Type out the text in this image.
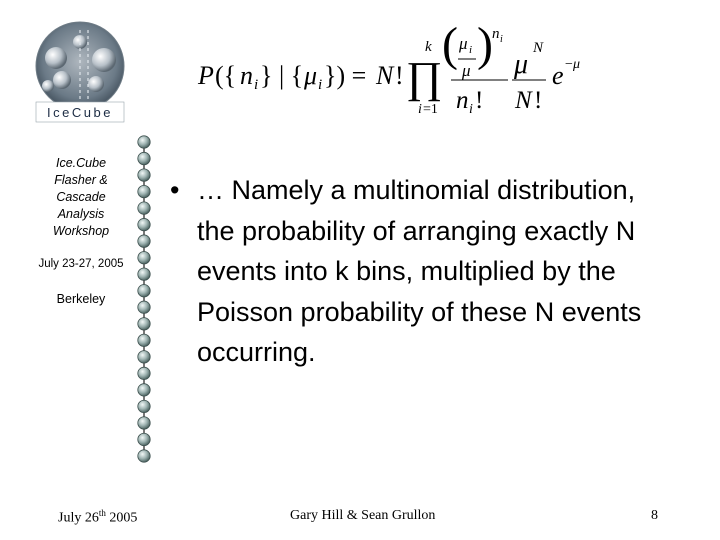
IceCube

Ice.Cube
Flasher &
Cascade
Analysis
Workshop

July 23-27, 2005
Berkeley
P ({ n i } | { μ i }) = N !
k
∏
i =1
( μ i
μ ) n i
n i !
μ
N
N !
e − μ
• … Namely a multinomial distribution, the probability of arranging exactly N events into k bins, multiplied by the Poisson probability of these N events occurring.
July 26th 2005	Gary Hill & Sean Grullon	8
